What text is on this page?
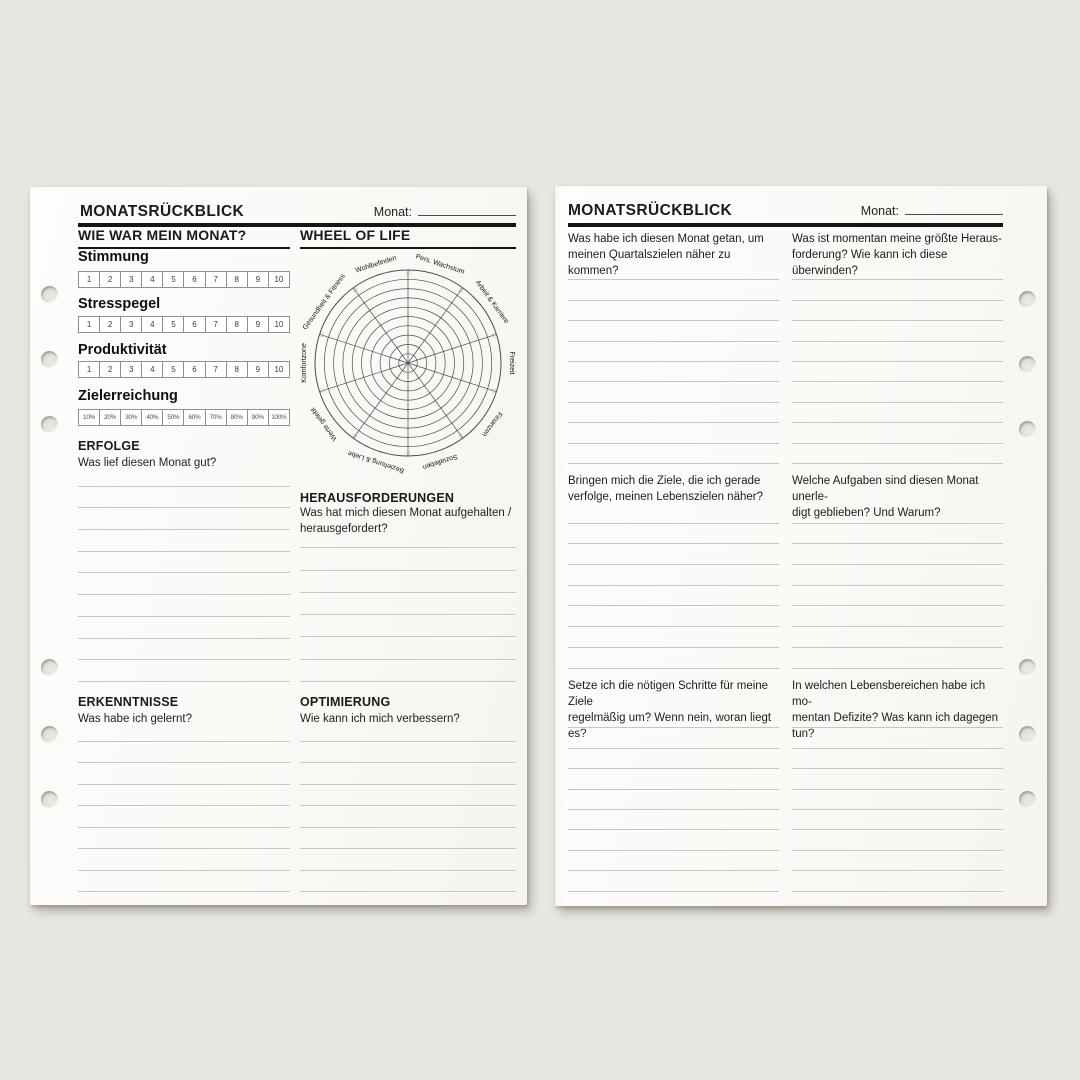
MONATSRÜCKBLICK	Monat:
WIE WAR MEIN MONAT?
Stimmung
1	2	3	4	5	6	7	8	9	10
Stresspegel
1	2	3	4	5	6	7	8	9	10
Produktivität
1	2	3	4	5	6	7	8	9	10
Zielerreichung
10%	20%	30%	40%	50%	60%	70%	80%	90%	100%
ERFOLGE
Was lief diesen Monat gut?
ERKENNTNISSE
Was habe ich gelernt?
WHEEL OF LIFE
10
5
10
5
10
5
10
5
10
5
10
5
10
5
10
5
10
5
10
5
Pers. Wachstum
Arbeit & Karriere
Freizeit
Finanzen
Sozialleben
Beziehung & Liebe
Werte gelebt
Komfortzone
Gesundheit & Fitness
Wohlbefinden
HERAUSFORDERUNGEN
Was hat mich diesen Monat aufgehalten /
herausgefordert?
OPTIMIERUNG
Wie kann ich mich verbessern?
MONATSRÜCKBLICK	Monat:
Was habe ich diesen Monat getan, um
meinen Quartalszielen näher zu kommen?
Was ist momentan meine größte Heraus-
forderung? Wie kann ich diese überwinden?
Bringen mich die Ziele, die ich gerade
verfolge, meinen Lebenszielen näher?
Welche Aufgaben sind diesen Monat unerle-
digt geblieben? Und Warum?
Setze ich die nötigen Schritte für meine Ziele
regelmäßig um? Wenn nein, woran liegt es?
In welchen Lebensbereichen habe ich mo-
mentan Defizite? Was kann ich dagegen tun?
